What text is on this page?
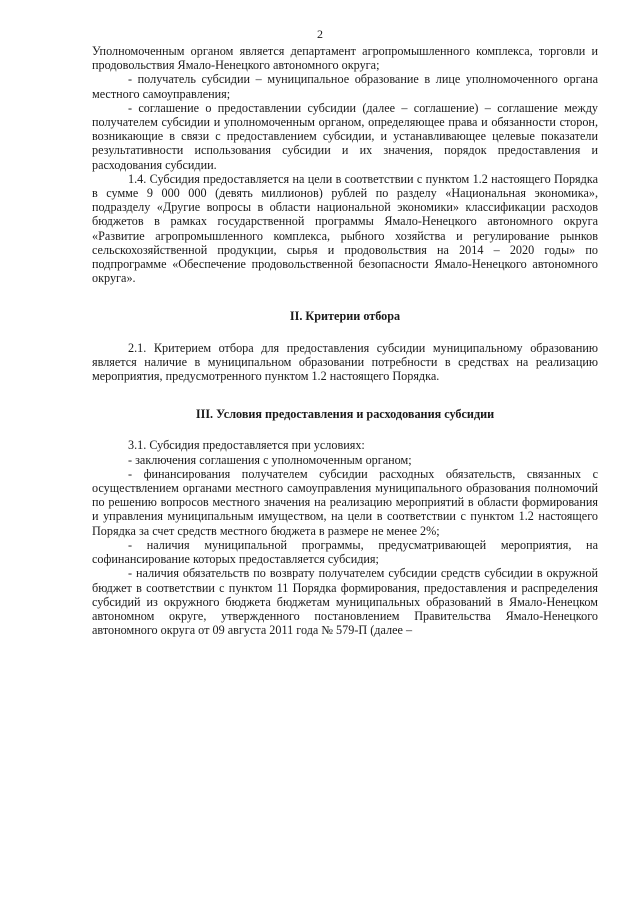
2

Уполномоченным органом является департамент агропромышленного комплекса, торговли и продовольствия Ямало-Ненецкого автономного округа;

- получатель субсидии – муниципальное образование в лице уполномоченного органа местного самоуправления;

- соглашение о предоставлении субсидии (далее – соглашение) – соглашение между получателем субсидии и уполномоченным органом, определяющее права и обязанности сторон, возникающие в связи с предоставлением субсидии, и устанавливающее целевые показатели результативности использования субсидии и их значения, порядок предоставления и расходования субсидии.

1.4. Субсидия предоставляется на цели в соответствии с пунктом 1.2 настоящего Порядка в сумме 9 000 000 (девять миллионов) рублей по разделу «Национальная экономика», подразделу «Другие вопросы в области национальной экономики» классификации расходов бюджетов в рамках государственной программы Ямало-Ненецкого автономного округа «Развитие агропромышленного комплекса, рыбного хозяйства и регулирование рынков сельскохозяйственной продукции, сырья и продовольствия на 2014 – 2020 годы» по подпрограмме «Обеспечение продовольственной безопасности Ямало-Ненецкого автономного округа».

II. Критерии отбора

2.1. Критерием отбора для предоставления субсидии муниципальному образованию является наличие в муниципальном образовании потребности в средствах на реализацию мероприятия, предусмотренного пунктом 1.2 настоящего Порядка.

III. Условия предоставления и расходования субсидии

3.1. Субсидия предоставляется при условиях:

- заключения соглашения с уполномоченным органом;

- финансирования получателем субсидии расходных обязательств, связанных с осуществлением органами местного самоуправления муниципального образования полномочий по решению вопросов местного значения на реализацию мероприятий в области формирования и управления муниципальным имуществом, на цели в соответствии с пунктом 1.2 настоящего Порядка за счет средств местного бюджета в размере не менее 2%;

- наличия муниципальной программы, предусматривающей мероприятия, на софинансирование которых предоставляется субсидия;

- наличия обязательств по возврату получателем субсидии средств субсидии в окружной бюджет в соответствии с пунктом 11 Порядка формирования, предоставления и распределения субсидий из окружного бюджета бюджетам муниципальных образований в Ямало-Ненецком автономном округе, утвержденного постановлением Правительства Ямало-Ненецкого автономного округа от 09 августа 2011 года № 579-П (далее –
